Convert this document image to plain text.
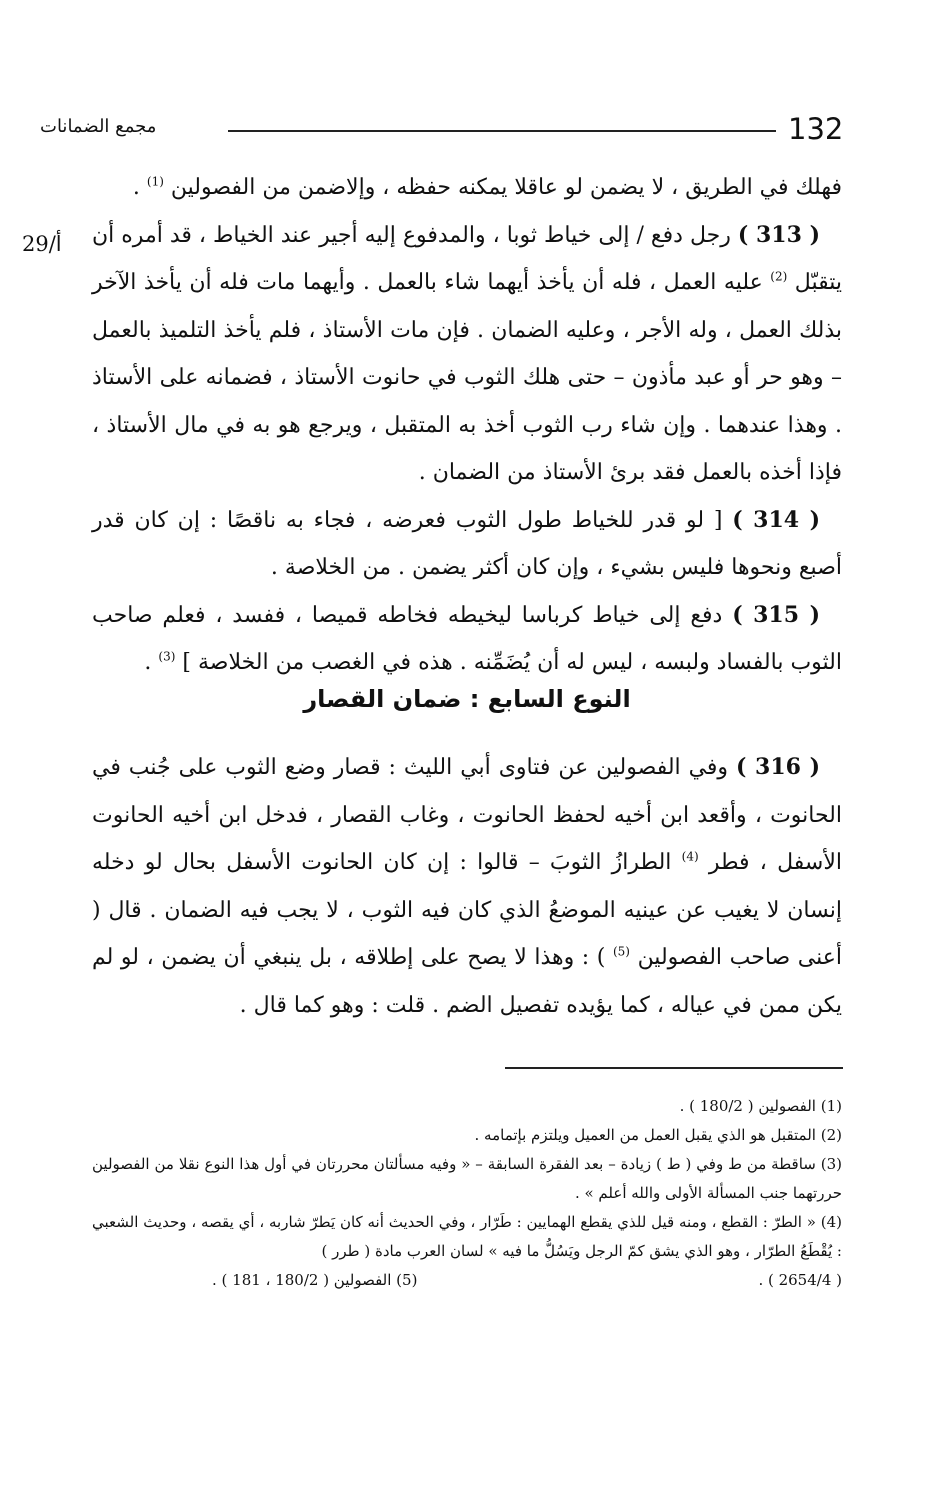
132
مجمع الضمانات
29/أ

فهلك في الطريق ، لا يضمن لو عاقلا يمكنه حفظه ، وإلاضمن من الفصولين $^{(1)}$ .

( 313 ) رجل دفع / إلى خياط ثوبا ، والمدفوع إليه أجير عند الخياط ، قد أمره أن يتقبّل $^{(2)}$ عليه العمل ، فله أن يأخذ أيهما شاء بالعمل . وأيهما مات فله أن يأخذ الآخر بذلك العمل ، وله الأجر ، وعليه الضمان . فإن مات الأستاذ ، فلم يأخذ التلميذ بالعمل – وهو حر أو عبد مأذون – حتى هلك الثوب في حانوت الأستاذ ، فضمانه على الأستاذ . وهذا عندهما . وإن شاء رب الثوب أخذ به المتقبل ، ويرجع هو به في مال الأستاذ ، فإذا أخذه بالعمل فقد برئ الأستاذ من الضمان .

( 314 ) [ لو قدر للخياط طول الثوب فعرضه ، فجاء به ناقصًا : إن كان قدر أصبع ونحوها فليس بشيء ، وإن كان أكثر يضمن . من الخلاصة .

( 315 ) دفع إلى خياط كرباسا ليخيطه فخاطه قميصا ، ففسد ، فعلم صاحب الثوب بالفساد ولبسه ، ليس له أن يُضَمِّنه . هذه في الغصب من الخلاصة ] $^{(3)}$ .

النوع السابع : ضمان القصار

( 316 ) وفي الفصولين عن فتاوى أبي الليث : قصار وضع الثوب على جُنب في الحانوت ، وأقعد ابن أخيه لحفظ الحانوت ، وغاب القصار ، فدخل ابن أخيه الحانوت الأسفل ، فطر $^{(4)}$ الطرازُ الثوبَ – قالوا : إن كان الحانوت الأسفل بحال لو دخله إنسان لا يغيب عن عينيه الموضعُ الذي كان فيه الثوب ، لا يجب فيه الضمان . قال ( أعنى صاحب الفصولين $^{(5)}$ ) : وهذا لا يصح على إطلاقه ، بل ينبغي أن يضمن ، لو لم يكن ممن في عياله ، كما يؤيده تفصيل الضم . قلت : وهو كما قال .

(1) الفصولين ( 180/2 ) .

(2) المتقبل هو الذي يقبل العمل من العميل ويلتزم بإتمامه .

(3) ساقطة من ط وفي ( ط ) زيادة – بعد الفقرة السابقة – « وفيه مسألتان محررتان في أول هذا النوع نقلا من الفصولين حررتهما جنب المسألة الأولى والله أعلم » .

(4) « الطرّ : القطع ، ومنه قيل للذي يقطع الهمايين : طَرّار ، وفي الحديث أنه كان يَطرّ شاربه ، أي يقصه ، وحديث الشعبي : يُقْطَعُ الطرّار ، وهو الذي يشق كمّ الرجل ويَسُلُّ ما فيه » لسان العرب مادة ( طرر )

( 2654/4 ) .
(5) الفصولين ( 180/2 ، 181 ) .
